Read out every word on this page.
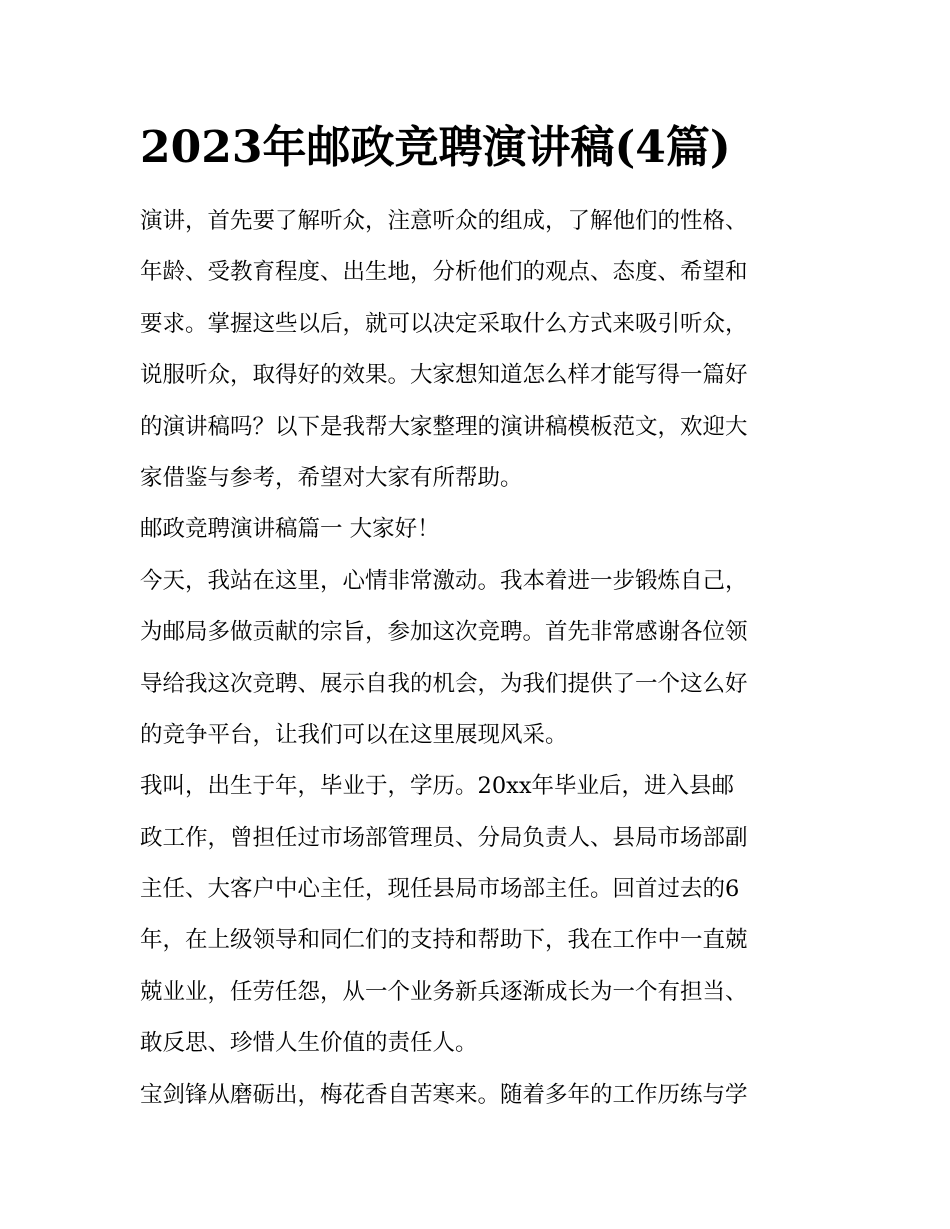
2023年邮政竞聘演讲稿(4篇)
演讲，首先要了解听众，注意听众的组成，了解他们的性格、
年龄、受教育程度、出生地，分析他们的观点、态度、希望和
要求。掌握这些以后，就可以决定采取什么方式来吸引听众，
说服听众，取得好的效果。大家想知道怎么样才能写得一篇好
的演讲稿吗？以下是我帮大家整理的演讲稿模板范文，欢迎大
家借鉴与参考，希望对大家有所帮助。
邮政竞聘演讲稿篇一 大家好！
今天，我站在这里，心情非常激动。我本着进一步锻炼自己，
为邮局多做贡献的宗旨，参加这次竞聘。首先非常感谢各位领
导给我这次竞聘、展示自我的机会，为我们提供了一个这么好
的竞争平台，让我们可以在这里展现风采。
我叫，出生于年，毕业于，学历。20xx年毕业后，进入县邮
政工作，曾担任过市场部管理员、分局负责人、县局市场部副
主任、大客户中心主任，现任县局市场部主任。回首过去的6
年，在上级领导和同仁们的支持和帮助下，我在工作中一直兢
兢业业，任劳任怨，从一个业务新兵逐渐成长为一个有担当、
敢反思、珍惜人生价值的责任人。
宝剑锋从磨砺出，梅花香自苦寒来。随着多年的工作历练与学
